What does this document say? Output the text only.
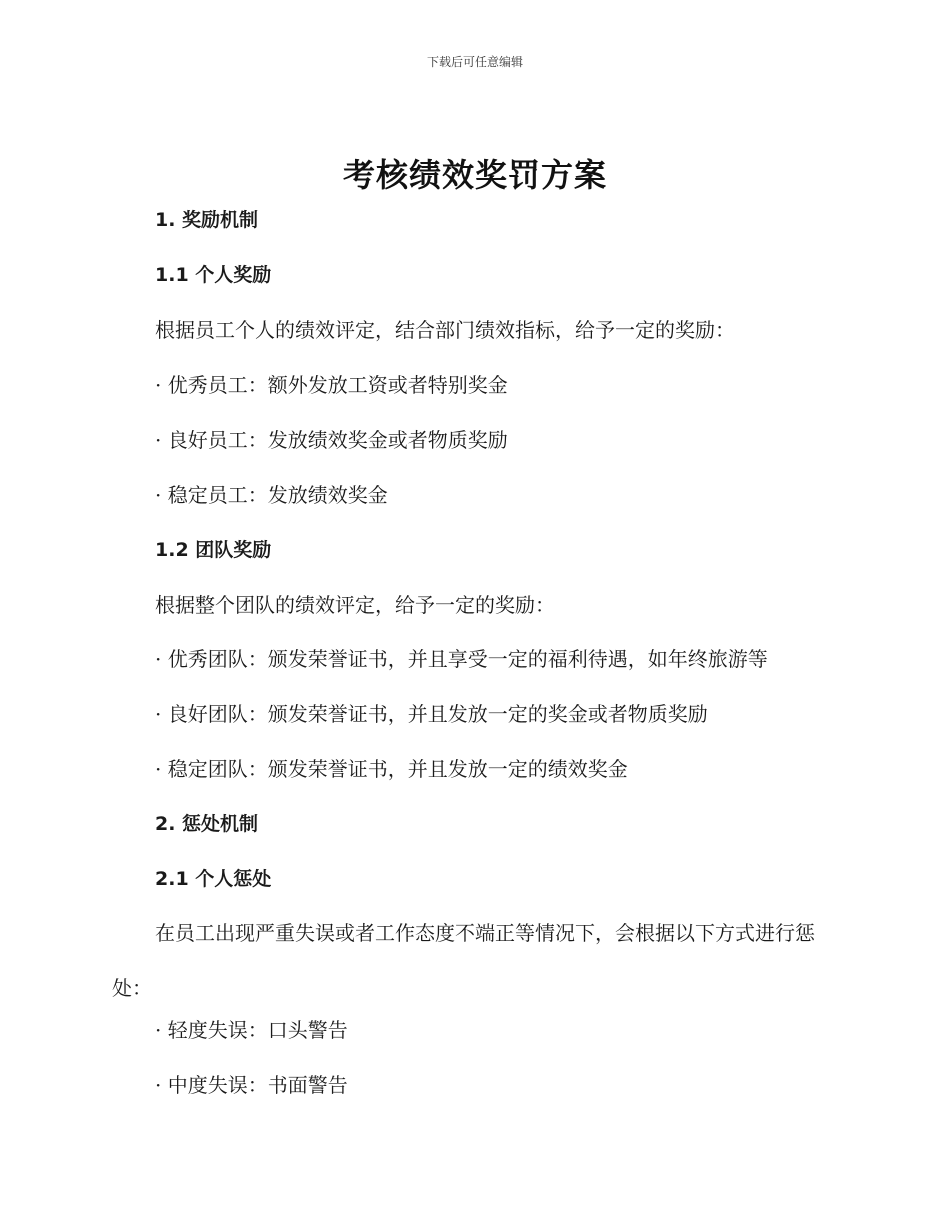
下载后可任意编辑
考核绩效奖罚方案
1. 奖励机制
1.1 个人奖励
根据员工个人的绩效评定，结合部门绩效指标，给予一定的奖励：
· 优秀员工：额外发放工资或者特别奖金
· 良好员工：发放绩效奖金或者物质奖励
· 稳定员工：发放绩效奖金
1.2 团队奖励
根据整个团队的绩效评定，给予一定的奖励：
· 优秀团队：颁发荣誉证书，并且享受一定的福利待遇，如年终旅游等
· 良好团队：颁发荣誉证书，并且发放一定的奖金或者物质奖励
· 稳定团队：颁发荣誉证书，并且发放一定的绩效奖金
2. 惩处机制
2.1 个人惩处
在员工出现严重失误或者工作态度不端正等情况下，会根据以下方式进行惩处：
· 轻度失误：口头警告
· 中度失误：书面警告
